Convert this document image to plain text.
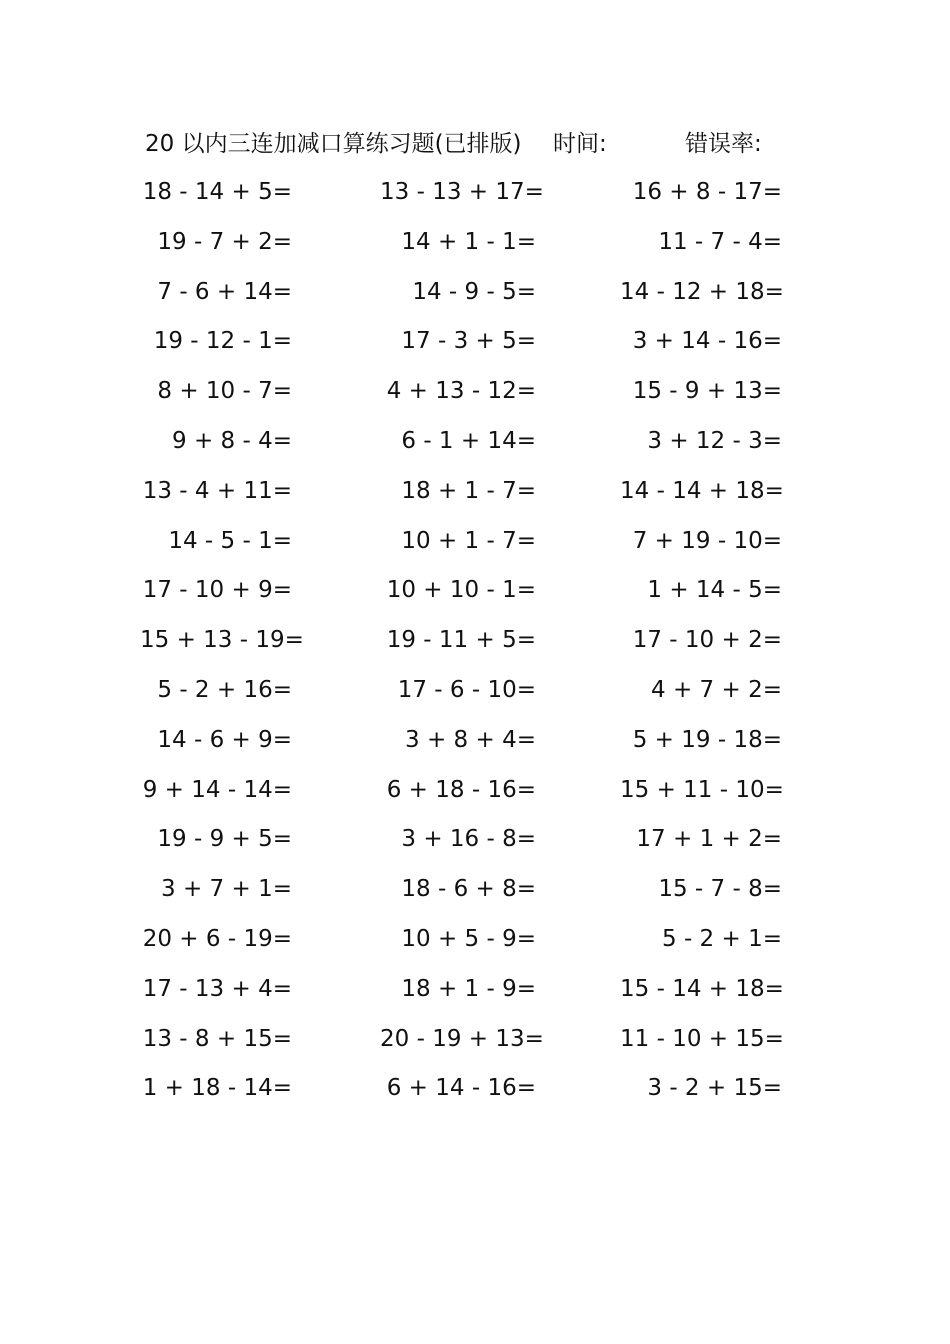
20 以内三连加减口算练习题(已排版) 时间:	错误率:
18 - 14 + 5=	13 - 13 + 17=	16 + 8 - 17=
19 - 7 + 2=	14 + 1 - 1=	11 - 7 - 4=
7 - 6 + 14=	14 - 9 - 5=	14 - 12 + 18=
19 - 12 - 1=	17 - 3 + 5=	3 + 14 - 16=
8 + 10 - 7=	4 + 13 - 12=	15 - 9 + 13=
9 + 8 - 4=	6 - 1 + 14=	3 + 12 - 3=
13 - 4 + 11=	18 + 1 - 7=	14 - 14 + 18=
14 - 5 - 1=	10 + 1 - 7=	7 + 19 - 10=
17 - 10 + 9=	10 + 10 - 1=	1 + 14 - 5=
15 + 13 - 19=	19 - 11 + 5=	17 - 10 + 2=
5 - 2 + 16=	17 - 6 - 10=	4 + 7 + 2=
14 - 6 + 9=	3 + 8 + 4=	5 + 19 - 18=
9 + 14 - 14=	6 + 18 - 16=	15 + 11 - 10=
19 - 9 + 5=	3 + 16 - 8=	17 + 1 + 2=
3 + 7 + 1=	18 - 6 + 8=	15 - 7 - 8=
20 + 6 - 19=	10 + 5 - 9=	5 - 2 + 1=
17 - 13 + 4=	18 + 1 - 9=	15 - 14 + 18=
13 - 8 + 15=	20 - 19 + 13=	11 - 10 + 15=
1 + 18 - 14=	6 + 14 - 16=	3 - 2 + 15=
